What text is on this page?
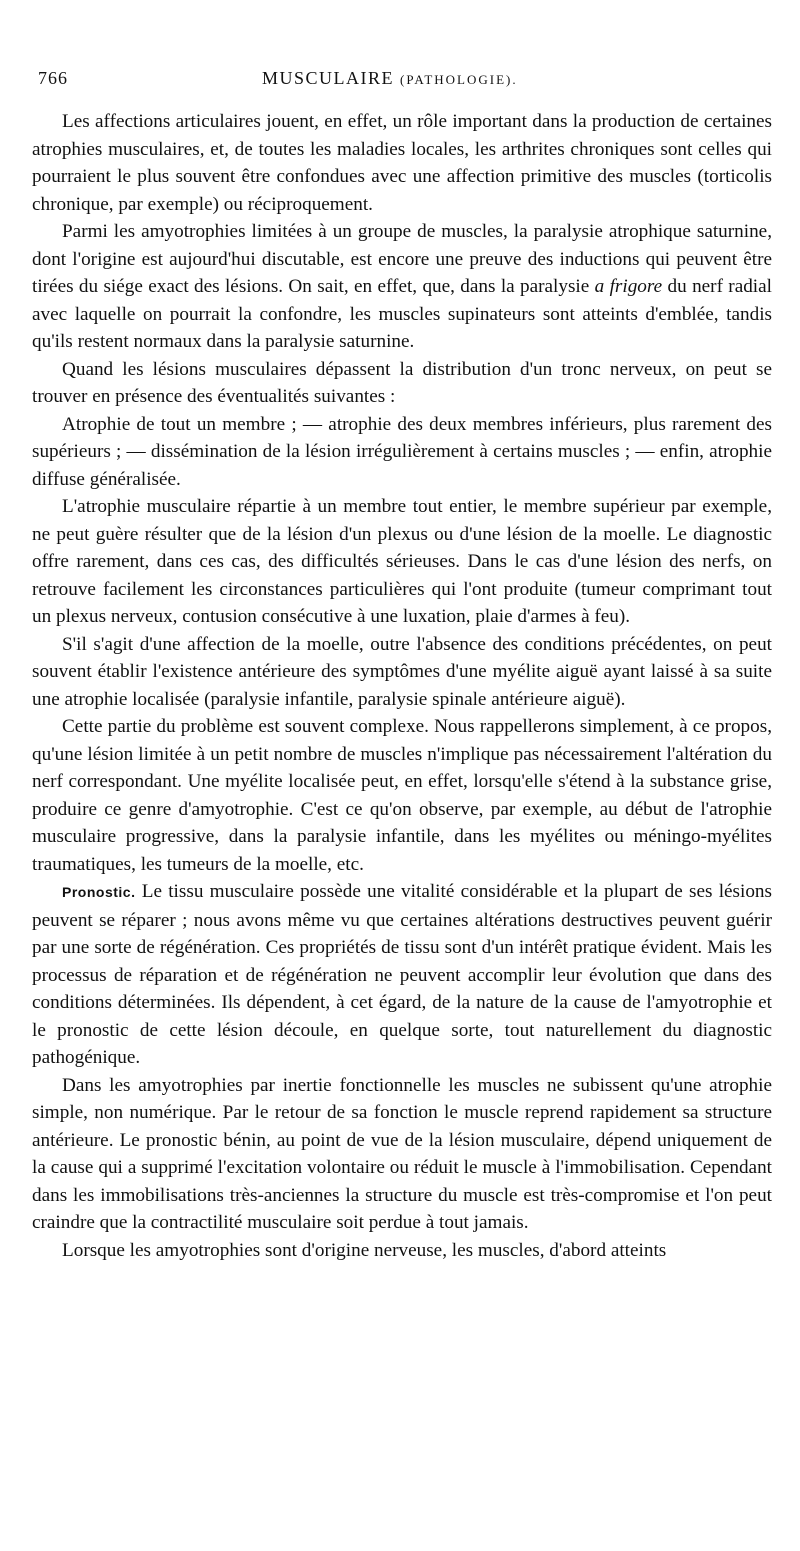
766	MUSCULAIRE (PATHOLOGIE).

Les affections articulaires jouent, en effet, un rôle important dans la production de certaines atrophies musculaires, et, de toutes les maladies locales, les arthrites chroniques sont celles qui pourraient le plus souvent être confondues avec une affection primitive des muscles (torticolis chronique, par exemple) ou réciproquement.

Parmi les amyotrophies limitées à un groupe de muscles, la paralysie atrophique saturnine, dont l'origine est aujourd'hui discutable, est encore une preuve des inductions qui peuvent être tirées du siége exact des lésions. On sait, en effet, que, dans la paralysie a frigore du nerf radial avec laquelle on pourrait la confondre, les muscles supinateurs sont atteints d'emblée, tandis qu'ils restent normaux dans la paralysie saturnine.

Quand les lésions musculaires dépassent la distribution d'un tronc nerveux, on peut se trouver en présence des éventualités suivantes :

Atrophie de tout un membre ; — atrophie des deux membres inférieurs, plus rarement des supérieurs ; — dissémination de la lésion irrégulièrement à certains muscles ; — enfin, atrophie diffuse généralisée.

L'atrophie musculaire répartie à un membre tout entier, le membre supérieur par exemple, ne peut guère résulter que de la lésion d'un plexus ou d'une lésion de la moelle. Le diagnostic offre rarement, dans ces cas, des difficultés sérieuses. Dans le cas d'une lésion des nerfs, on retrouve facilement les circonstances particulières qui l'ont produite (tumeur comprimant tout un plexus nerveux, contusion consécutive à une luxation, plaie d'armes à feu).

S'il s'agit d'une affection de la moelle, outre l'absence des conditions précédentes, on peut souvent établir l'existence antérieure des symptômes d'une myélite aiguë ayant laissé à sa suite une atrophie localisée (paralysie infantile, paralysie spinale antérieure aiguë).

Cette partie du problème est souvent complexe. Nous rappellerons simplement, à ce propos, qu'une lésion limitée à un petit nombre de muscles n'implique pas nécessairement l'altération du nerf correspondant. Une myélite localisée peut, en effet, lorsqu'elle s'étend à la substance grise, produire ce genre d'amyotrophie. C'est ce qu'on observe, par exemple, au début de l'atrophie musculaire progressive, dans la paralysie infantile, dans les myélites ou méningo-myélites traumatiques, les tumeurs de la moelle, etc.

Pronostic. Le tissu musculaire possède une vitalité considérable et la plupart de ses lésions peuvent se réparer ; nous avons même vu que certaines altérations destructives peuvent guérir par une sorte de régénération. Ces propriétés de tissu sont d'un intérêt pratique évident. Mais les processus de réparation et de régénération ne peuvent accomplir leur évolution que dans des conditions déterminées. Ils dépendent, à cet égard, de la nature de la cause de l'amyotrophie et le pronostic de cette lésion découle, en quelque sorte, tout naturellement du diagnostic pathogénique.

Dans les amyotrophies par inertie fonctionnelle les muscles ne subissent qu'une atrophie simple, non numérique. Par le retour de sa fonction le muscle reprend rapidement sa structure antérieure. Le pronostic bénin, au point de vue de la lésion musculaire, dépend uniquement de la cause qui a supprimé l'excitation volontaire ou réduit le muscle à l'immobilisation. Cependant dans les immobilisations très-anciennes la structure du muscle est très-compromise et l'on peut craindre que la contractilité musculaire soit perdue à tout jamais.

Lorsque les amyotrophies sont d'origine nerveuse, les muscles, d'abord atteints
